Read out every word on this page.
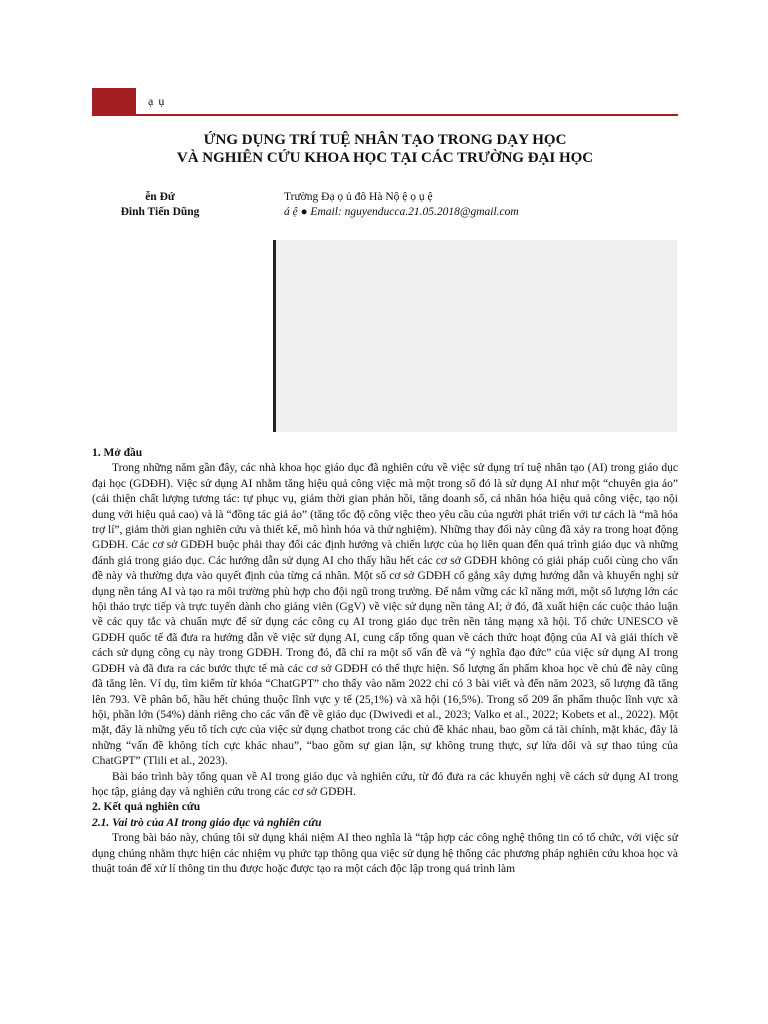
ạ ụ
ỨNG DỤNG TRÍ TUỆ NHÂN TẠO TRONG DẠY HỌC
VÀ NGHIÊN CỨU KHOA HỌC TẠI CÁC TRƯỜNG ĐẠI HỌC
ễn Đứ
Đinh Tiến Dũng
Trường Đạ ọ ủ đô Hà Nộ ệ ọ ụ ệ
á ệ ● Email: nguyenducca.21.05.2018@gmail.com

1. Mở đầu

Trong những năm gần đây, các nhà khoa học giáo dục đã nghiên cứu về việc sử dụng trí tuệ nhân tạo (AI) trong giáo dục đại học (GDĐH). Việc sử dụng AI nhằm tăng hiệu quả công việc mà một trong số đó là sử dụng AI như một “chuyên gia ảo” (cải thiện chất lượng tương tác: tự phục vụ, giảm thời gian phản hồi, tăng doanh số, cá nhân hóa hiệu quả công việc, tạo nội dung với hiệu quả cao) và là “đồng tác giả ảo” (tăng tốc độ công việc theo yêu cầu của người phát triển với tư cách là “mã hóa trợ lí”, giảm thời gian nghiên cứu và thiết kế, mô hình hóa và thử nghiệm). Những thay đổi này cũng đã xảy ra trong hoạt động GDĐH. Các cơ sở GDĐH buộc phải thay đổi các định hướng và chiến lược của họ liên quan đến quá trình giáo dục và những đánh giá trong giáo dục. Các hướng dẫn sử dụng AI cho thấy hầu hết các cơ sở GDĐH không có giải pháp cuối cùng cho vấn đề này và thường dựa vào quyết định của từng cá nhân. Một số cơ sở GDĐH cố gắng xây dựng hướng dẫn và khuyến nghị sử dụng nền tảng AI và tạo ra môi trường phù hợp cho đội ngũ trong trường. Để nắm vững các kĩ năng mới, một số lượng lớn các hội thảo trực tiếp và trực tuyến dành cho giảng viên (GgV) về việc sử dụng nền tảng AI; ở đó, đã xuất hiện các cuộc thảo luận về các quy tắc và chuẩn mực để sử dụng các công cụ AI trong giáo dục trên nền tảng mạng xã hội. Tổ chức UNESCO về GDĐH quốc tế đã đưa ra hướng dẫn về việc sử dụng AI, cung cấp tổng quan về cách thức hoạt động của AI và giải thích về cách sử dụng công cụ này trong GDĐH. Trong đó, đã chỉ ra một số vấn đề và “ý nghĩa đạo đức” của việc sử dụng AI trong GDĐH và đã đưa ra các bước thực tế mà các cơ sở GDĐH có thể thực hiện. Số lượng ấn phẩm khoa học về chủ đề này cũng đã tăng lên. Ví dụ, tìm kiếm từ khóa “ChatGPT” cho thấy vào năm 2022 chỉ có 3 bài viết và đến năm 2023, số lượng đã tăng lên 793. Về phân bổ, hầu hết chúng thuộc lĩnh vực y tế (25,1%) và xã hội (16,5%). Trong số 209 ấn phẩm thuộc lĩnh vực xã hội, phần lớn (54%) dành riêng cho các vấn đề về giáo dục (Dwivedi et al., 2023; Valko et al., 2022; Kobets et al., 2022). Một mặt, đây là những yếu tố tích cực của việc sử dụng chatbot trong các chủ đề khác nhau, bao gồm cả tài chính, mặt khác, đây là những “vấn đề không tích cực khác nhau”, “bao gồm sự gian lận, sự không trung thực, sự lừa dối và sự thao túng của ChatGPT” (Tlili et al., 2023).

Bài báo trình bày tổng quan về AI trong giáo dục và nghiên cứu, từ đó đưa ra các khuyến nghị về cách sử dụng AI trong học tập, giảng dạy và nghiên cứu trong các cơ sở GDĐH.

2. Kết quả nghiên cứu

2.1. Vai trò của AI trong giáo dục và nghiên cứu

Trong bài báo này, chúng tôi sử dụng khái niệm AI theo nghĩa là “tập hợp các công nghệ thông tin có tổ chức, với việc sử dụng chúng nhằm thực hiện các nhiệm vụ phức tạp thông qua việc sử dụng hệ thống các phương pháp nghiên cứu khoa học và thuật toán để xử lí thông tin thu được hoặc được tạo ra một cách độc lập trong quá trình làm
